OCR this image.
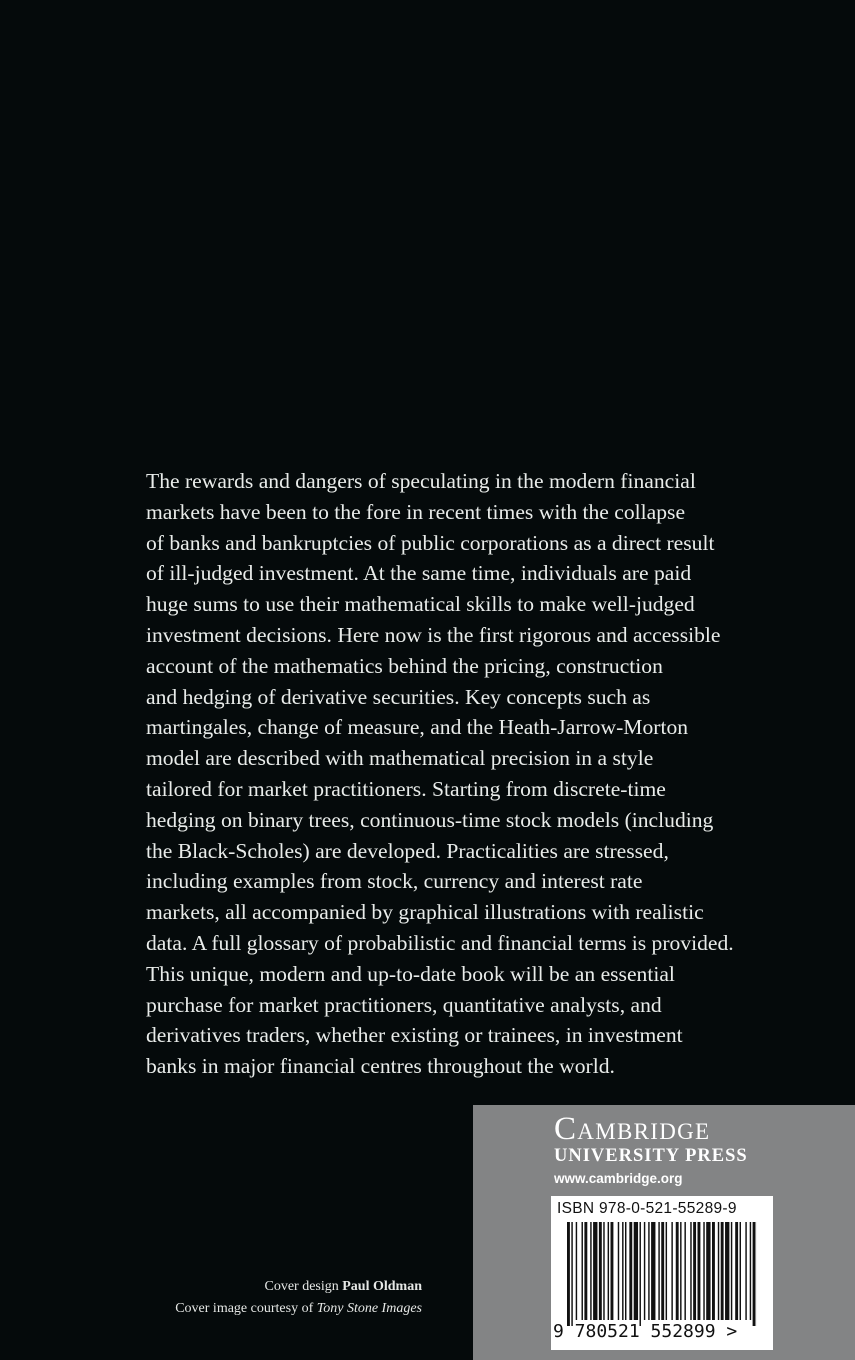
The rewards and dangers of speculating in the modern financial
markets have been to the fore in recent times with the collapse
of banks and bankruptcies of public corporations as a direct result
of ill-judged investment. At the same time, individuals are paid
huge sums to use their mathematical skills to make well-judged
investment decisions. Here now is the first rigorous and accessible
account of the mathematics behind the pricing, construction
and hedging of derivative securities. Key concepts such as
martingales, change of measure, and the Heath-Jarrow-Morton
model are described with mathematical precision in a style
tailored for market practitioners. Starting from discrete-time
hedging on binary trees, continuous-time stock models (including
the Black-Scholes) are developed. Practicalities are stressed,
including examples from stock, currency and interest rate
markets, all accompanied by graphical illustrations with realistic
data. A full glossary of probabilistic and financial terms is provided.
This unique, modern and up-to-date book will be an essential
purchase for market practitioners, quantitative analysts, and
derivatives traders, whether existing or trainees, in investment
banks in major financial centres throughout the world.
Cover design Paul Oldman
Cover image courtesy of Tony Stone Images
Cambridge
UNIVERSITY PRESS
www.cambridge.org
ISBN 978-0-521-55289-9
9 780521 552899 >
